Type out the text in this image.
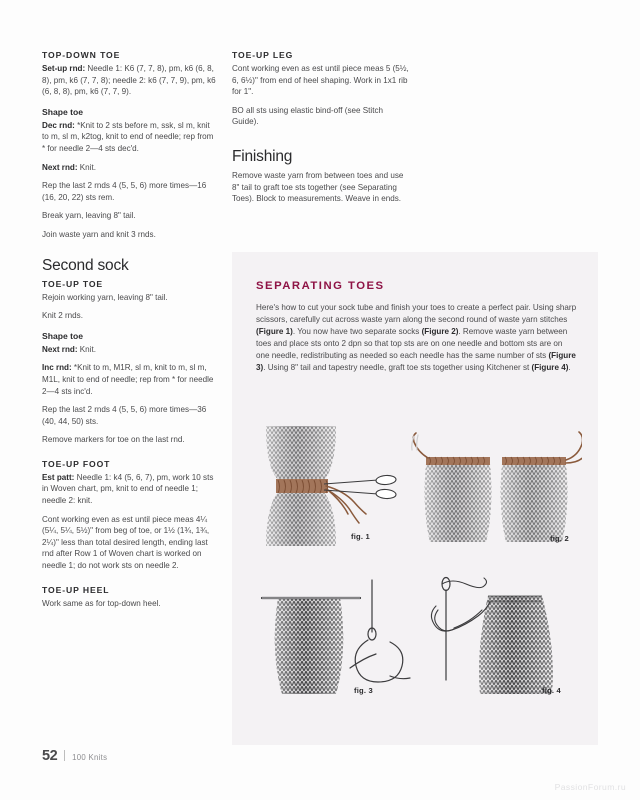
TOP-DOWN TOE

Set-up rnd: Needle 1: K6 (7, 7, 8), pm, k6 (6, 8, 8), pm, k6 (7, 7, 8); needle 2: k6 (7, 7, 9), pm, k6 (6, 8, 8), pm, k6 (7, 7, 9).

Shape toe

Dec rnd: *Knit to 2 sts before m, ssk, sl m, knit to m, sl m, k2tog, knit to end of needle; rep from * for needle 2—4 sts dec'd.

Next rnd: Knit.

Rep the last 2 rnds 4 (5, 5, 6) more times—16 (16, 20, 22) sts rem.

Break yarn, leaving 8" tail.

Join waste yarn and knit 3 rnds.

Second sock
TOE-UP TOE

Rejoin working yarn, leaving 8" tail.

Knit 2 rnds.

Shape toe

Next rnd: Knit.

Inc rnd: *Knit to m, M1R, sl m, knit to m, sl m, M1L, knit to end of needle; rep from * for needle 2—4 sts inc'd.

Rep the last 2 rnds 4 (5, 5, 6) more times—36 (40, 44, 50) sts.

Remove markers for toe on the last rnd.

TOE-UP FOOT

Est patt: Needle 1: k4 (5, 6, 7), pm, work 10 sts in Woven chart, pm, knit to end of needle 1; needle 2: knit.

Cont working even as est until piece meas 4¼ (5¼, 5¼, 5½)" from beg of toe, or 1½ (1¾, 1¾, 2¼)" less than total desired length, ending last rnd after Row 1 of Woven chart is worked on needle 1; do not work sts on needle 2.

TOE-UP HEEL

Work same as for top-down heel.

TOE-UP LEG

Cont working even as est until piece meas 5 (5½, 6, 6½)" from end of heel shaping. Work in 1x1 rib for 1".

BO all sts using elastic bind-off (see Stitch Guide).

Finishing

Remove waste yarn from between toes and use 8" tail to graft toe sts together (see Separating Toes). Block to measurements. Weave in ends.

SEPARATING TOES
Here's how to cut your sock tube and finish your toes to create a perfect pair. Using sharp scissors, carefully cut across waste yarn along the second round of waste yarn stitches (Figure 1). You now have two separate socks (Figure 2). Remove waste yarn between toes and place sts onto 2 dpn so that top sts are on one needle and bottom sts are on one needle, redistributing as needed so each needle has the same number of sts (Figure 3). Using 8" tail and tapestry needle, graft toe sts together using Kitchener st (Figure 4).
fig. 1	fig. 2
fig. 3	fig. 4
52 100 Knits
PassionForum.ru
